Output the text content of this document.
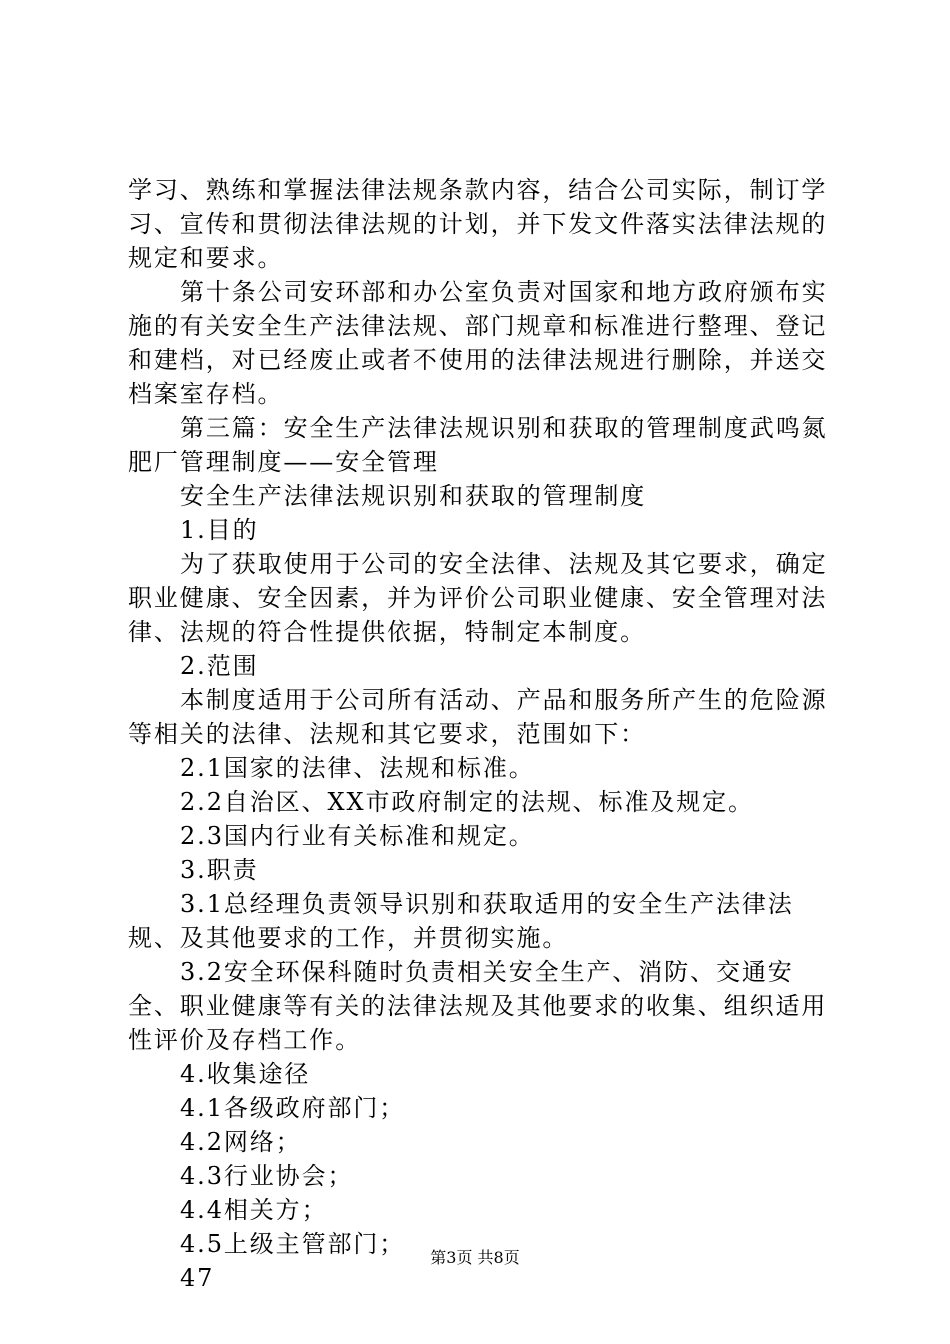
学习、熟练和掌握法律法规条款内容，结合公司实际，制订学习、宣传和贯彻法律法规的计划，并下发文件落实法律法规的规定和要求。

第十条公司安环部和办公室负责对国家和地方政府颁布实施的有关安全生产法律法规、部门规章和标准进行整理、登记和建档，对已经废止或者不使用的法律法规进行删除，并送交档案室存档。

第三篇：安全生产法律法规识别和获取的管理制度武鸣氮肥厂管理制度——安全管理

安全生产法律法规识别和获取的管理制度

1.目的

为了获取使用于公司的安全法律、法规及其它要求，确定职业健康、安全因素，并为评价公司职业健康、安全管理对法律、法规的符合性提供依据，特制定本制度。

2.范围

本制度适用于公司所有活动、产品和服务所产生的危险源等相关的法律、法规和其它要求，范围如下：

2.1国家的法律、法规和标准。

2.2自治区、XX市政府制定的法规、标准及规定。

2.3国内行业有关标准和规定。

3.职责

3.1总经理负责领导识别和获取适用的安全生产法律法规、及其他要求的工作，并贯彻实施。

3.2安全环保科随时负责相关安全生产、消防、交通安全、职业健康等有关的法律法规及其他要求的收集、组织适用性评价及存档工作。

4.收集途径

4.1各级政府部门；

4.2网络；

4.3行业协会；

4.4相关方；

4.5上级主管部门；

47

第3页 共8页
